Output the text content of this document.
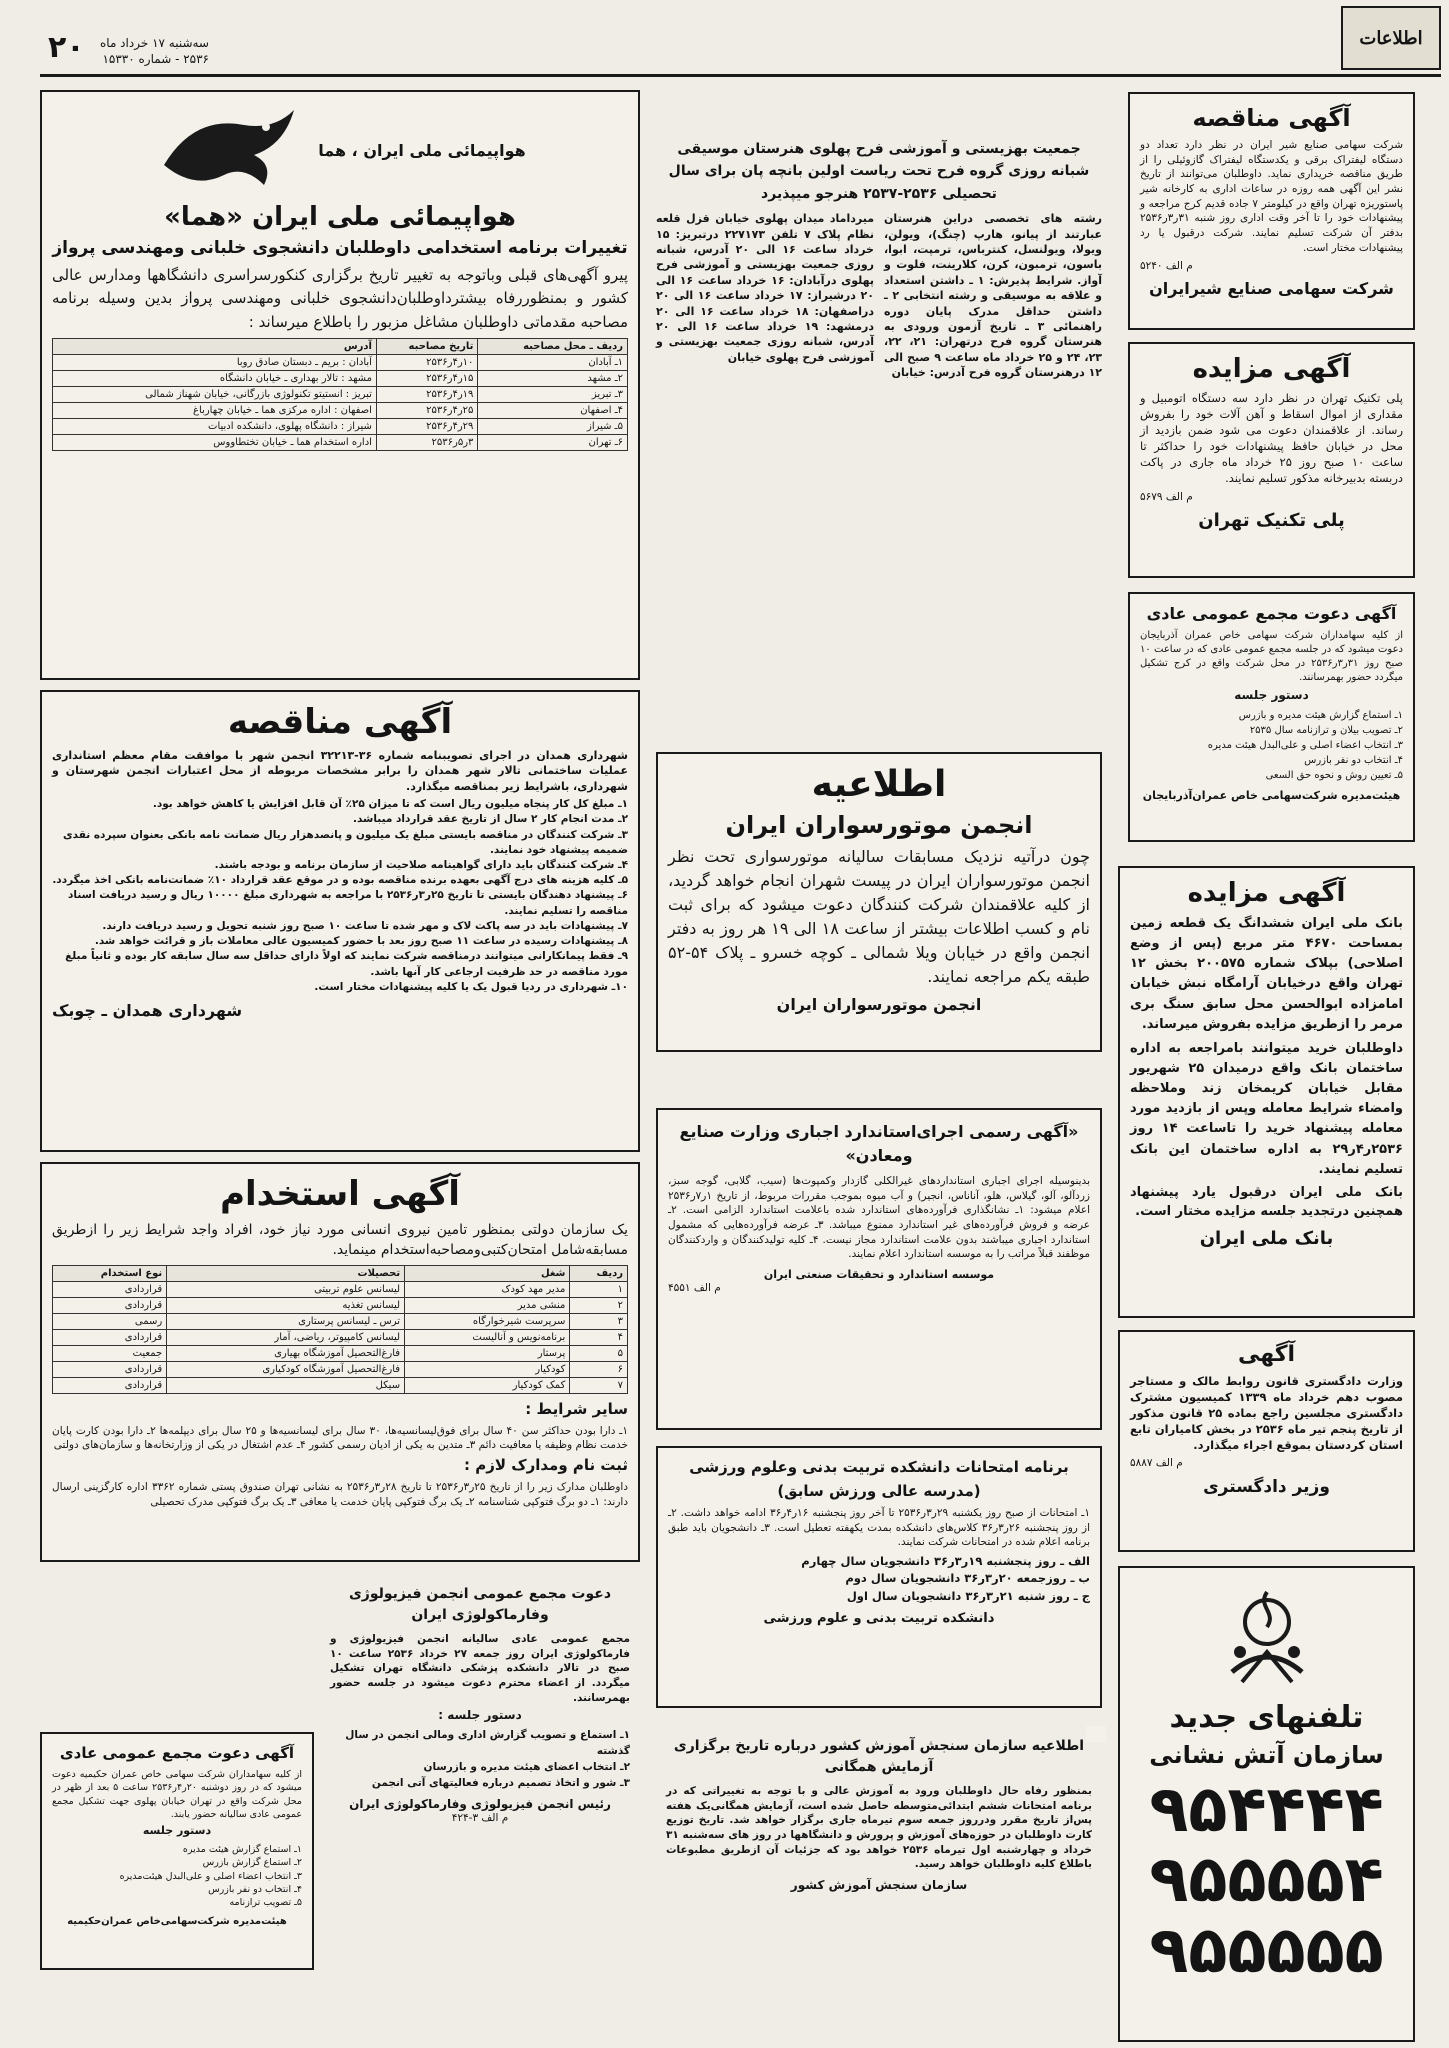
اطلاعات
۲۰ سه‌شنبه ۱۷ خرداد ماه
۲۵۳۶ - شماره ۱۵۳۳۰
آگهی مناقصه

شرکت سهامی صنایع شیر ایران در نظر دارد تعداد دو دستگاه لیفتراک برقی و یکدستگاه لیفتراک گازوئیلی را از طریق مناقصه خریداری نماید. داوطلبان می‌توانند از تاریخ نشر این آگهی همه روزه در ساعات اداری به کارخانه شیر پاستوریزه تهران واقع در کیلومتر ۷ جاده قدیم کرج مراجعه و پیشنهادات خود را تا آخر وقت اداری روز شنبه ۳۱ر۳ر۲۵۳۶ بدفتر آن شرکت تسلیم نمایند. شرکت درقبول یا رد پیشنهادات مختار است.

م الف ۵۲۴۰
شرکت سهامی صنایع شیرایران
آگهی مزایده

پلی تکنیک تهران در نظر دارد سه دستگاه اتومبیل و مقداری از اموال اسقاط و آهن آلات خود را بفروش رساند. از علاقمندان دعوت می شود ضمن بازدید از محل در خیابان حافظ پیشنهادات خود را حداکثر تا ساعت ۱۰ صبح روز ۲۵ خرداد ماه جاری در پاکت دربسته بدبیرخانه مذکور تسلیم نمایند.

م الف ۵۶۷۹
پلی تکنیک تهران
آگهی دعوت مجمع عمومی عادی

از کلیه سهامداران شرکت سهامی خاص عمران آذربایجان دعوت میشود که در جلسه مجمع عمومی عادی که در ساعت ۱۰ صبح روز ۳۱ر۳ر۲۵۳۶ در محل شرکت واقع در کرج تشکیل میگردد حضور بهمرسانند.

دستور جلسه
۱ـ استماع گزارش هیئت مدیره و بازرس
۲ـ تصویب بیلان و ترازنامه سال ۲۵۳۵
۳ـ انتخاب اعضاء اصلی و علی‌البدل هیئت مدیره
۴ـ انتخاب دو نفر بازرس
۵ـ تعیین روش و نحوه حق السعی
هیئت‌مدیره شرکت‌سهامی خاص عمران‌آذربایجان
آگهی مزایده

بانک ملی ایران ششدانگ یک قطعه زمین بمساحت ۴۶۷۰ متر مربع (پس از وضع اصلاحی) بپلاک شماره ۲۰۰۵۷۵ بخش ۱۲ تهران واقع درخیابان آرامگاه نبش خیابان امامزاده ابوالحسن محل سابق سنگ بری مرمر را ازطریق مزایده بفروش میرساند.

داوطلبان خرید میتوانند بامراجعه به اداره ساختمان بانک واقع درمیدان ۲۵ شهریور مقابل خیابان کریمخان زند وملاحظه وامضاء شرایط معامله وپس از بازدید مورد معامله پیشنهاد خرید را تاساعت ۱۴ روز ۲۵۳۶ر۴ر۲۹ به اداره ساختمان این بانک تسلیم نمایند.

بانک ملی ایران درقبول یارد پیشنهاد همچنین درتجدید جلسه مزایده مختار است.

بانک ملی ایران
آگهی

وزارت دادگستری قانون روابط مالک و مستاجر مصوب دهم خرداد ماه ۱۳۳۹ کمیسیون مشترک دادگستری مجلسین راجع بماده ۲۵ قانون مذکور از تاریخ پنجم تیر ماه ۲۵۳۶ در بخش کامیاران تابع استان کردستان بموقع اجراء میگذارد.

م الف ۵۸۸۷
وزیر دادگستری
تلفنهای جدید
سازمان آتش نشانی
۹۵۴۴۴۴
۹۵۵۵۵۴
۹۵۵۵۵۵
جمعیت بهزیستی و آموزشی فرح پهلوی هنرستان موسیقی شبانه روزی گروه فرح تحت ریاست اولین بانچه پان برای سال تحصیلی ۲۵۳۶-۲۵۳۷ هنرجو میپذیرد

رشته های تخصصی دراین هنرستان عبارتند از پیانو، هارپ (چنگ)، ویولن، ویولا، ویولنسل، کنترباس، ترمپت، ابوا، باسون، ترمبون، کرن، کلارینت، فلوت و آواز. شرایط پذیرش: ۱ ـ داشتن استعداد و علاقه به موسیقی و رشته انتخابی ۲ ـ داشتن حداقل مدرک پایان دوره راهنمائی ۳ ـ تاریخ آزمون ورودی به هنرستان گروه فرح درتهران: ۲۱، ۲۲، ۲۳، ۲۴ و ۲۵ خرداد ماه ساعت ۹ صبح الی ۱۲ درهنرستان گروه فرح آدرس: خیابان

میرداماد میدان پهلوی خیابان قزل قلعه نظام پلاک ۷ تلفن ۲۲۷۱۷۳ درتبریز: ۱۵ خرداد ساعت ۱۶ الی ۲۰ آدرس، شبانه روزی جمعیت بهزیستی و آموزشی فرح پهلوی درآبادان: ۱۶ خرداد ساعت ۱۶ الی ۲۰ درشیراز: ۱۷ خرداد ساعت ۱۶ الی ۲۰ دراصفهان: ۱۸ خرداد ساعت ۱۶ الی ۲۰ درمشهد: ۱۹ خرداد ساعت ۱۶ الی ۲۰ آدرس، شبانه روزی جمعیت بهزیستی و آموزشی فرح پهلوی خیابان

اطلاعیه
انجمن موتورسواران ایران

چون درآتیه نزدیک مسابقات سالیانه موتورسواری تحت نظر انجمن موتورسواران ایران در پیست شهران انجام خواهد گردید، از کلیه علاقمندان شرکت کنندگان دعوت میشود که برای ثبت نام و کسب اطلاعات بیشتر از ساعت ۱۸ الی ۱۹ هر روز به دفتر انجمن واقع در خیابان ویلا شمالی ـ کوچه خسرو ـ پلاک ۵۴-۵۲ طبقه یکم مراجعه نمایند.

انجمن موتورسواران ایران
«آگهی رسمی اجرای‌استاندارد اجباری وزارت صنایع ومعادن»

بدینوسیله اجرای اجباری استانداردهای غیرالکلی گازدار وکمپوت‌ها (سیب، گلابی، گوجه سبز، زردآلو، آلو، گیلاس، هلو، آناناس، انجیر) و آب میوه بموجب مقررات مربوط، از تاریخ ۱ر۷ر۲۵۳۶ اعلام میشود: ۱ـ نشانگذاری فرآورده‌های استاندارد شده باعلامت استاندارد الزامی است. ۲ـ عرضه و فروش فرآورده‌های غیر استاندارد ممنوع میباشد. ۳ـ عرضه فرآورده‌هایی که مشمول استاندارد اجباری میباشند بدون علامت استاندارد مجاز نیست. ۴ـ کلیه تولیدکنندگان و واردکنندگان موظفند قبلاً مراتب را به موسسه استاندارد اعلام نمایند.

موسسه استاندارد و تحقیقات صنعتی ایران
م الف ۴۵۵۱
برنامه امتحانات دانشکده تربیت بدنی وعلوم ورزشی
(مدرسه عالی ورزش سابق)

۱ـ امتحانات از صبح روز یکشنبه ۲۹ر۳ر۲۵۳۶ تا آخر روز پنجشنبه ۱۶ر۴ر۳۶ ادامه خواهد داشت. ۲ـ از روز پنجشنبه ۲۶ر۳ر۳۶ کلاس‌های دانشکده بمدت یکهفته تعطیل است. ۳ـ دانشجویان باید طبق برنامه اعلام شده در امتحانات شرکت نمایند.

الف ـ روز پنجشنبه ۱۹ر۳ر۳۶ دانشجویان سال چهارم
ب ـ روزجمعه ۲۰ر۳ر۳۶ دانشجویان سال دوم
ج ـ روز شنبه ۲۱ر۳ر۳۶ دانشجویان سال اول
دانشکده تربیت بدنی و علوم ورزشی
اطلاعیه سازمان سنجش آموزش کشور درباره تاریخ برگزاری آزمایش همگانی

بمنظور رفاه حال داوطلبان ورود به آموزش عالی و با توجه به تغییراتی که در برنامه امتحانات ششم ابتدائی‌متوسطه حاصل شده است، آزمایش همگانی‌یک هفته پس‌از تاریخ مقرر ودرروز جمعه سوم تیرماه جاری برگزار خواهد شد. تاریخ توزیع کارت داوطلبان در حوزه‌های آموزش و پرورش و دانشگاهها در روز های سه‌شنبه ۳۱ خرداد و چهارشنبه اول تیرماه ۲۵۳۶ خواهد بود که جزئیات آن ازطریق مطبوعات باطلاع کلیه داوطلبان خواهد رسید.

سازمان سنجش آموزش کشور
هواپیمائی ملی ایران ، هما
هواپیمائی ملی ایران «هما»
تغییرات برنامه استخدامی داوطلبان دانشجوی خلبانی ومهندسی پرواز

پیرو آگهی‌های قبلی وباتوجه به تغییر تاریخ برگزاری کنکورسراسری دانشگاهها ومدارس عالی کشور و بمنظوررفاه بیشترداوطلبان‌دانشجوی خلبانی ومهندسی پرواز بدین وسیله برنامه مصاحبه مقدماتی داوطلبان مشاغل مزبور را باطلاع میرساند :

ردیف ـ محل مصاحبه	تاریخ مصاحبه	آدرس
۱ـ آبادان	۱۰ر۴ر۲۵۳۶	آبادان : بریم ـ دبستان صادق روبا
۲ـ مشهد	۱۵ر۴ر۲۵۳۶	مشهد : تالار بهداری ـ خیابان دانشگاه
۳ـ تبریز	۱۹ر۴ر۲۵۳۶	تبریز : انستیتو تکنولوژی بازرگانی، خیابان شهناز شمالی
۴ـ اصفهان	۲۵ر۴ر۲۵۳۶	اصفهان : اداره مرکزی هما ـ خیابان چهارباغ
۵ـ شیراز	۲۹ر۴ر۲۵۳۶	شیراز : دانشگاه پهلوی، دانشکده ادبیات
۶ـ تهران	۳ر۵ر۲۵۳۶	اداره استخدام هما ـ خیابان تختطاووس
آگهی مناقصه

شهرداری همدان در اجرای تصویبنامه شماره ۳۶-۳۲۲۱۳ انجمن شهر با موافقت مقام معظم استانداری عملیات ساختمانی تالار شهر همدان را برابر مشخصات مربوطه از محل اعتبارات انجمن شهرستان و شهرداری، باشرایط زیر بمناقصه میگذارد.

۱ـ مبلغ کل کار پنجاه میلیون ریال است که تا میزان ۲۵٪ آن قابل افزایش یا کاهش خواهد بود.
۲ـ مدت انجام کار ۲ سال از تاریخ عقد قرارداد میباشد.
۳ـ شرکت کنندگان در مناقصه بایستی مبلغ یک میلیون و پانصدهزار ریال ضمانت نامه بانکی بعنوان سپرده نقدی ضمیمه پیشنهاد خود نمایند.
۴ـ شرکت کنندگان باید دارای گواهینامه صلاحیت از سازمان برنامه و بودجه باشند.
۵ـ کلیه هزینه های درج آگهی بعهده برنده مناقصه بوده و در موقع عقد قرارداد ۱۰٪ ضمانت‌نامه بانکی اخذ میگردد.
۶ـ پیشنهاد دهندگان بایستی تا تاریخ ۲۵ر۳ر۲۵۳۶ با مراجعه به شهرداری مبلغ ۱۰۰۰۰ ریال و رسید دریافت اسناد مناقصه را تسلیم نمایند.
۷ـ پیشنهادات باید در سه پاکت لاک و مهر شده تا ساعت ۱۰ صبح روز شنبه تحویل و رسید دریافت دارند.
۸ـ پیشنهادات رسیده در ساعت ۱۱ صبح روز بعد با حضور کمیسیون عالی معاملات باز و قرائت خواهد شد.
۹ـ فقط پیمانکارانی میتوانند درمناقصه شرکت نمایند که اولاً دارای حداقل سه سال سابقه کار بوده و ثانیاً مبلغ مورد مناقصه در حد ظرفیت ارجاعی کار آنها باشد.
۱۰ـ شهرداری در ردیا قبول یک یا کلیه پیشنهادات مختار است.
شهرداری همدان ـ چوبک
آگهی استخدام

یک سازمان دولتی بمنظور تامین نیروی انسانی مورد نیاز خود، افراد واجد شرایط زیر را ازطریق مسابقه‌شامل امتحان‌کتبی‌ومصاحبه‌استخدام مینماید.

ردیف	شغل	تحصیلات	نوع استخدام
۱	مدیر مهد کودک	لیسانس علوم تربیتی	قراردادی
۲	منشی مدیر	لیسانس تغذیه	قراردادی
۳	سرپرست شیرخوارگاه	ترس ـ لیسانس پرستاری	رسمی
۴	برنامه‌نویس و آنالیست	لیسانس کامپیوتر، ریاضی، آمار	قراردادی
۵	پرستار	فارغ‌التحصیل آموزشگاه بهیاری	جمعیت
۶	کودکیار	فارغ‌التحصیل آموزشگاه کودکیاری	قراردادی
۷	کمک کودکیار	سیکل	قراردادی
سایر شرایط :

۱ـ دارا بودن حداکثر سن ۴۰ سال برای فوق‌لیسانسیه‌ها، ۳۰ سال برای لیسانسیه‌ها و ۲۵ سال برای دیپلمه‌ها ۲ـ دارا بودن کارت پایان خدمت نظام وظیفه یا معافیت دائم ۳ـ متدین به یکی از ادیان رسمی کشور ۴ـ عدم اشتغال در یکی از وزارتخانه‌ها و سازمان‌های دولتی

ثبت نام ومدارک لازم :

داوطلبان مدارک زیر را از تاریخ ۲۵ر۳ر۲۵۳۶ تا تاریخ ۲۸ر۳ر۲۵۳۶ به نشانی تهران صندوق پستی شماره ۳۳۶۲ اداره کارگزینی ارسال دارند: ۱ـ دو برگ فتوکپی شناسنامه ۲ـ یک برگ فتوکپی پایان خدمت یا معافی ۳ـ یک برگ فتوکپی مدرک تحصیلی

دعوت مجمع عمومی انجمن فیزیولوژی وفارماکولوژی ایران

مجمع عمومی عادی سالیانه انجمن فیزیولوژی و فارماکولوژی ایران روز جمعه ۲۷ خرداد ۲۵۳۶ ساعت ۱۰ صبح در تالار دانشکده پزشکی دانشگاه تهران تشکیل میگردد. از اعضاء محترم دعوت میشود در جلسه حضور بهمرسانند.

دستور جلسه :
۱ـ استماع و تصویب گزارش اداری ومالی انجمن در سال گذشته
۲ـ انتخاب اعضای هیئت مدیره و بازرسان
۳ـ شور و اتخاذ تصمیم درباره فعالیتهای آتی انجمن
رئیس انجمن فیزیولوژی وفارماکولوژی ایران
م الف ۳-۴۲۴
آگهی دعوت مجمع عمومی عادی

از کلیه سهامداران شرکت سهامی خاص عمران حکیمیه دعوت میشود که در روز دوشنبه ۲۰ر۴ر۲۵۳۶ ساعت ۵ بعد از ظهر در محل شرکت واقع در تهران خیابان پهلوی جهت تشکیل مجمع عمومی عادی سالیانه حضور یابند.

دستور جلسه
۱ـ استماع گزارش هیئت مدیره
۲ـ استماع گزارش بازرس
۳ـ انتخاب اعضاء اصلی و علی‌البدل هیئت‌مدیره
۴ـ انتخاب دو نفر بازرس
۵ـ تصویب ترازنامه
هیئت‌مدیره شرکت‌سهامی‌خاص عمران‌حکیمیه
